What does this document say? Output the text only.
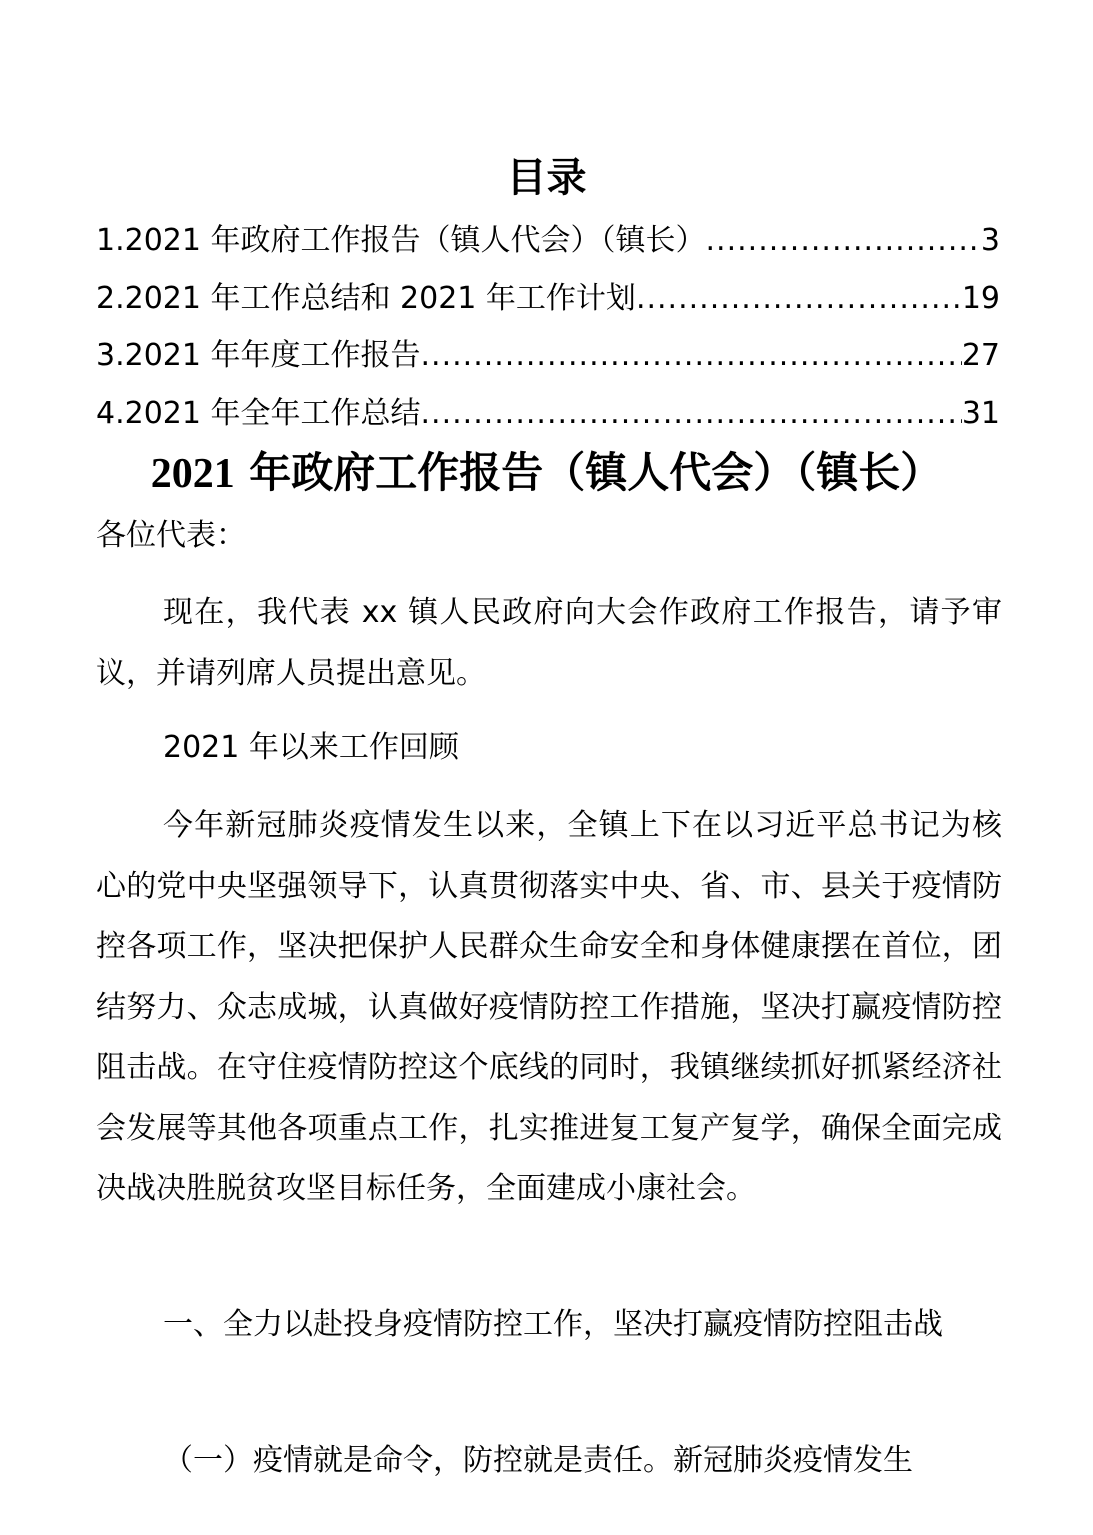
目录
1.2021 年政府工作报告（镇人代会）（镇长） .....	3
2.2021 年工作总结和 2021 年工作计划 .....	19
3.2021 年年度工作报告 .....	27
4.2021 年全年工作总结 .....	31
2021 年政府工作报告（镇人代会）（镇长）
各位代表：
现在，我代表 xx 镇人民政府向大会作政府工作报告，请予审议，并请列席人员提出意见。
2021 年以来工作回顾
今年新冠肺炎疫情发生以来，全镇上下在以习近平总书记为核心的党中央坚强领导下，认真贯彻落实中央、省、市、县关于疫情防控各项工作，坚决把保护人民群众生命安全和身体健康摆在首位，团结努力、众志成城，认真做好疫情防控工作措施，坚决打赢疫情防控阻击战。在守住疫情防控这个底线的同时，我镇继续抓好抓紧经济社会发展等其他各项重点工作，扎实推进复工复产复学，确保全面完成决战决胜脱贫攻坚目标任务，全面建成小康社会。
一、全力以赴投身疫情防控工作，坚决打赢疫情防控阻击战
（一）疫情就是命令，防控就是责任。新冠肺炎疫情发生
